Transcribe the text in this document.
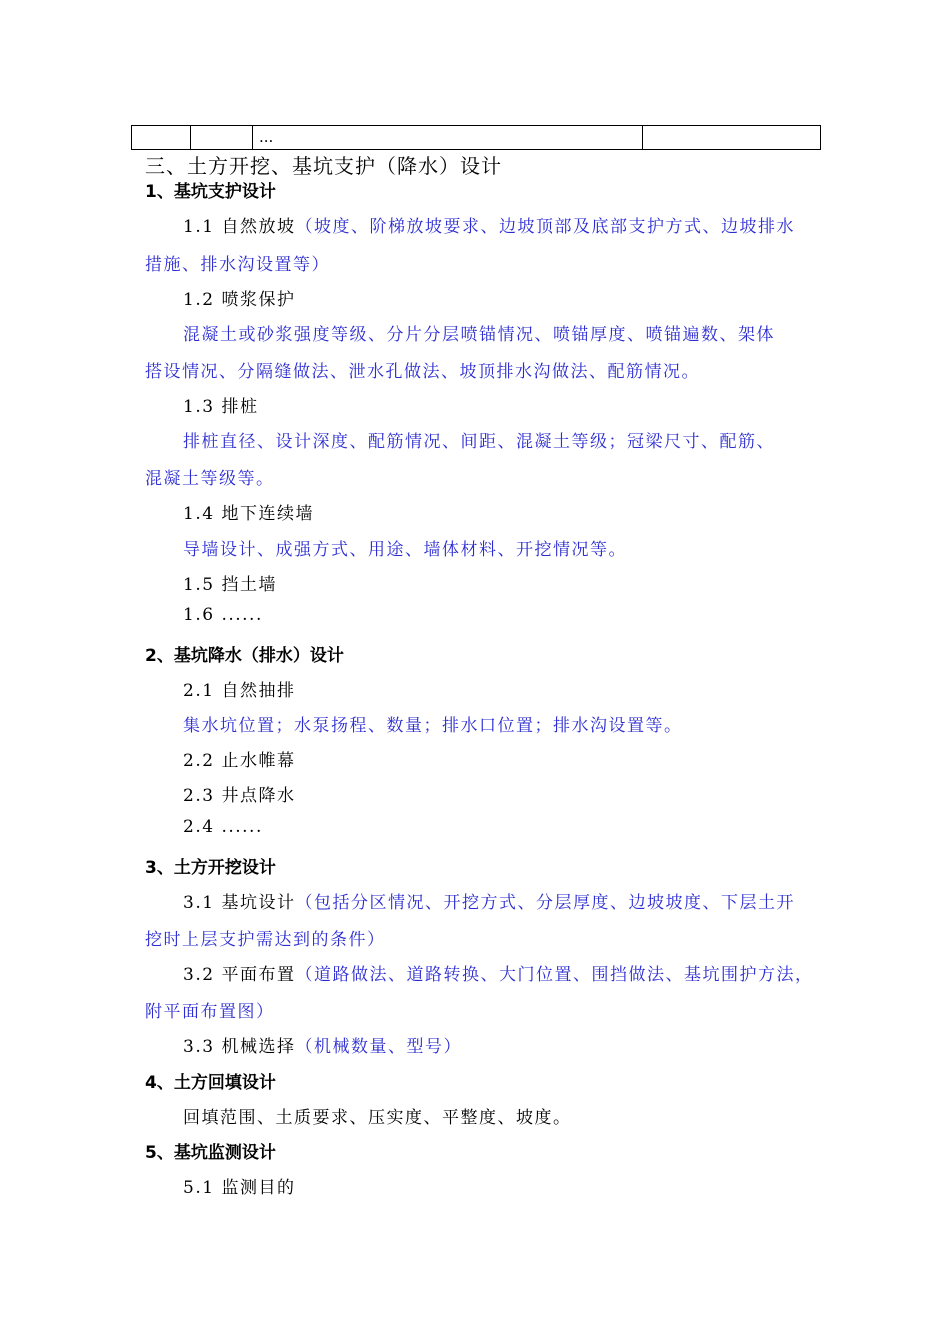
		...	
三、土方开挖、基坑支护（降水）设计
1、基坑支护设计
1.1 自然放坡（坡度、阶梯放坡要求、边坡顶部及底部支护方式、边坡排水
措施、排水沟设置等）
1.2 喷浆保护
混凝土或砂浆强度等级、分片分层喷锚情况、喷锚厚度、喷锚遍数、架体
搭设情况、分隔缝做法、泄水孔做法、坡顶排水沟做法、配筋情况。
1.3 排桩
排桩直径、设计深度、配筋情况、间距、混凝土等级；冠梁尺寸、配筋、
混凝土等级等。
1.4 地下连续墙
导墙设计、成强方式、用途、墙体材料、开挖情况等。
1.5 挡土墙
1.6 ......
2、基坑降水（排水）设计
2.1 自然抽排
集水坑位置；水泵扬程、数量；排水口位置；排水沟设置等。
2.2 止水帷幕
2.3 井点降水
2.4 ......
3、土方开挖设计
3.1 基坑设计（包括分区情况、开挖方式、分层厚度、边坡坡度、下层土开
挖时上层支护需达到的条件）
3.2 平面布置（道路做法、道路转换、大门位置、围挡做法、基坑围护方法，
附平面布置图）
3.3 机械选择（机械数量、型号）
4、土方回填设计
回填范围、土质要求、压实度、平整度、坡度。
5、基坑监测设计
5.1 监测目的
